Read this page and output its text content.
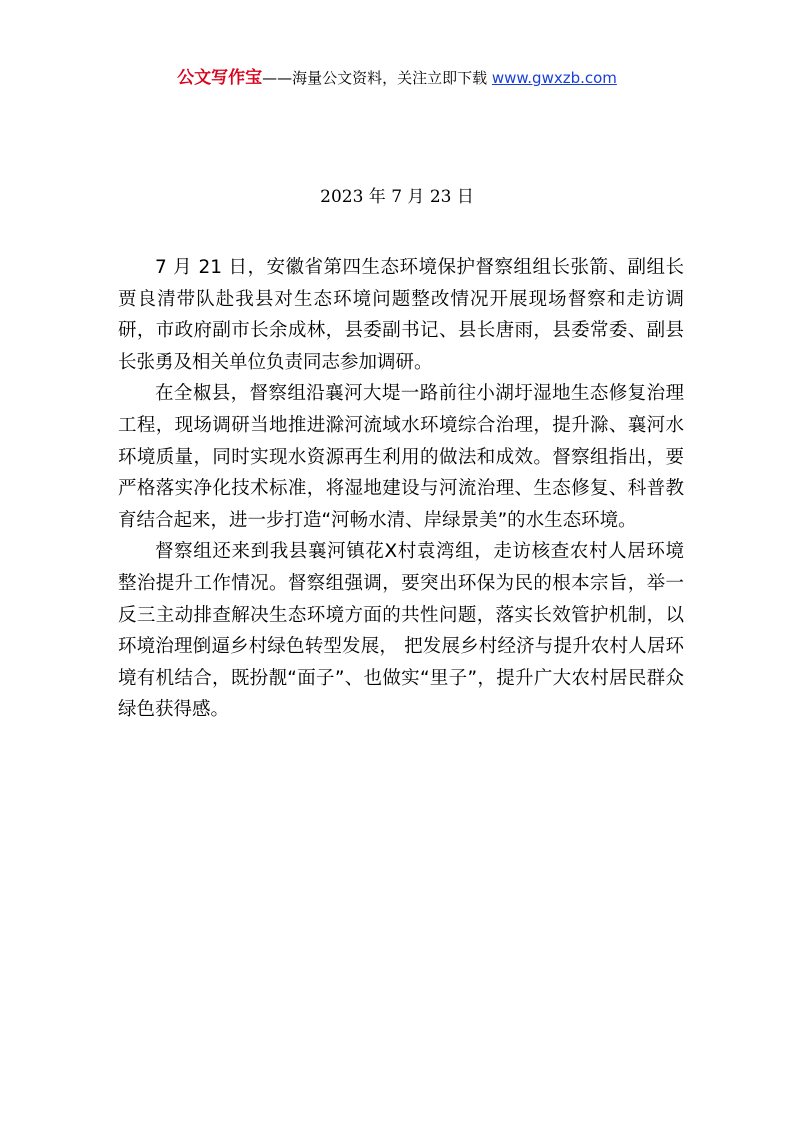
公文写作宝——海量公文资料，关注立即下载 www.gwxzb.com
2023 年 7 月 23 日

7 月 21 日，安徽省第四生态环境保护督察组组长张箭、副组长贾良清带队赴我县对生态环境问题整改情况开展现场督察和走访调研，市政府副市长余成林，县委副书记、县长唐雨，县委常委、副县长张勇及相关单位负责同志参加调研。

在全椒县，督察组沿襄河大堤一路前往小湖圩湿地生态修复治理工程，现场调研当地推进滁河流域水环境综合治理，提升滁、襄河水环境质量，同时实现水资源再生利用的做法和成效。督察组指出，要严格落实净化技术标准，将湿地建设与河流治理、生态修复、科普教育结合起来，进一步打造“河畅水清、岸绿景美”的水生态环境。

督察组还来到我县襄河镇花X村袁湾组，走访核查农村人居环境整治提升工作情况。督察组强调，要突出环保为民的根本宗旨，举一反三主动排查解决生态环境方面的共性问题，落实长效管护机制，以环境治理倒逼乡村绿色转型发展， 把发展乡村经济与提升农村人居环境有机结合，既扮靓“面子”、也做实“里子”，提升广大农村居民群众绿色获得感。
